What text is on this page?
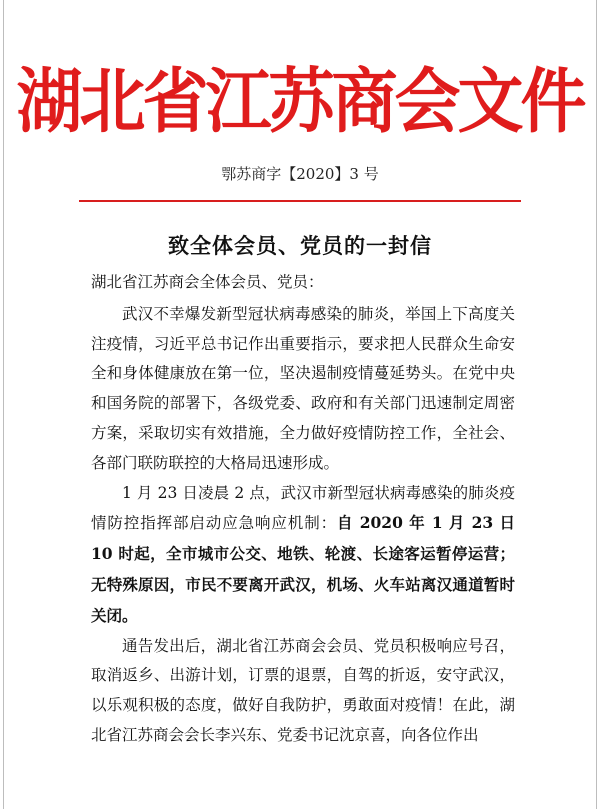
湖北省江苏商会文件
鄂苏商字【2020】3 号
致全体会员、党员的一封信

湖北省江苏商会全体会员、党员：

武汉不幸爆发新型冠状病毒感染的肺炎，举国上下高度关注疫情，习近平总书记作出重要指示，要求把人民群众生命安全和身体健康放在第一位，坚决遏制疫情蔓延势头。在党中央和国务院的部署下，各级党委、政府和有关部门迅速制定周密方案，采取切实有效措施，全力做好疫情防控工作，全社会、各部门联防联控的大格局迅速形成。

1 月 23 日凌晨 2 点，武汉市新型冠状病毒感染的肺炎疫情防控指挥部启动应急响应机制：自 2020 年 1 月 23 日 10 时起，全市城市公交、地铁、轮渡、长途客运暂停运营；无特殊原因，市民不要离开武汉，机场、火车站离汉通道暂时关闭。

通告发出后，湖北省江苏商会会员、党员积极响应号召，取消返乡、出游计划，订票的退票，自驾的折返，安守武汉，以乐观积极的态度，做好自我防护，勇敢面对疫情！在此，湖北省江苏商会会长李兴东、党委书记沈京喜，向各位作出
